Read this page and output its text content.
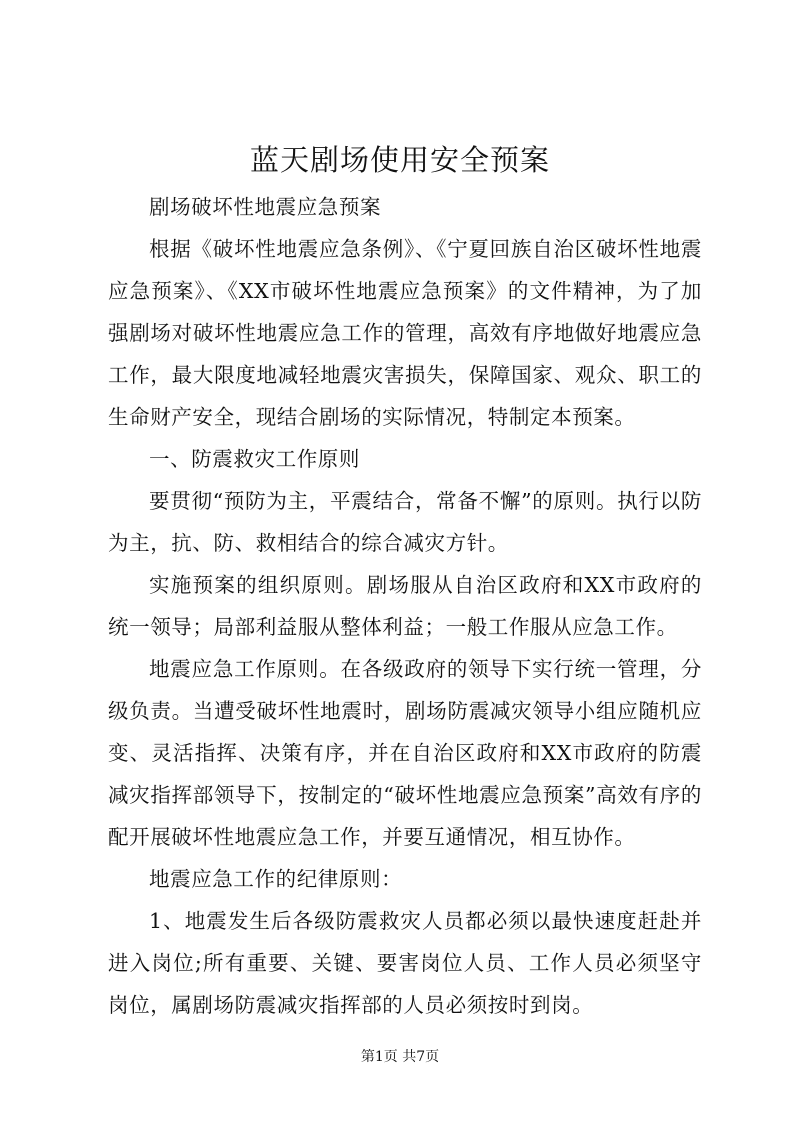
蓝天剧场使用安全预案

剧场破坏性地震应急预案

根据《破坏性地震应急条例》、《宁夏回族自治区破坏性地震应急预案》、《XX市破坏性地震应急预案》的文件精神，为了加强剧场对破坏性地震应急工作的管理，高效有序地做好地震应急工作，最大限度地减轻地震灾害损失，保障国家、观众、职工的生命财产安全，现结合剧场的实际情况，特制定本预案。

一、防震救灾工作原则

要贯彻“预防为主，平震结合，常备不懈”的原则。执行以防为主，抗、防、救相结合的综合减灾方针。

实施预案的组织原则。剧场服从自治区政府和XX市政府的统一领导；局部利益服从整体利益；一般工作服从应急工作。

地震应急工作原则。在各级政府的领导下实行统一管理，分级负责。当遭受破坏性地震时，剧场防震减灾领导小组应随机应变、灵活指挥、决策有序，并在自治区政府和XX市政府的防震减灾指挥部领导下，按制定的“破坏性地震应急预案”高效有序的配开展破坏性地震应急工作，并要互通情况，相互协作。

地震应急工作的纪律原则：

1、地震发生后各级防震救灾人员都必须以最快速度赶赴并进入岗位;所有重要、关键、要害岗位人员、工作人员必须坚守岗位，属剧场防震减灾指挥部的人员必须按时到岗。

第1页 共7页
